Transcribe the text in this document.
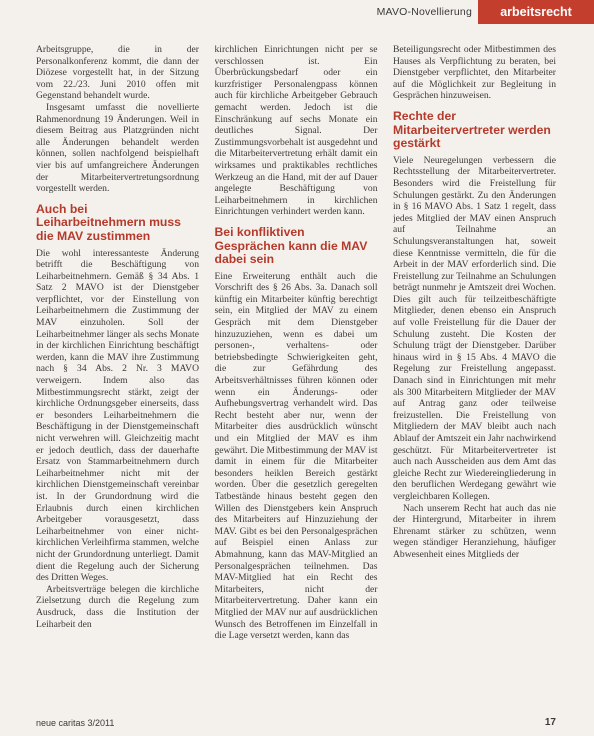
MAVO-Novellierung	arbeitsrecht

Arbeitsgruppe, die in der Personalkonferenz kommt, die dann der Diözese vorgestellt hat, in der Sitzung vom 22./23. Juni 2010 offen mit Gegenstand behandelt wurde.

Insgesamt umfasst die novellierte Rahmenordnung 19 Änderungen. Weil in diesem Beitrag aus Platzgründen nicht alle Änderungen behandelt werden können, sollen nachfolgend beispielhaft vier bis auf umfangreichere Änderungen der Mitarbeitervertretungsordnung vorgestellt werden.

Auch bei Leiharbeitnehmern muss die MAV zustimmen

Die wohl interessanteste Änderung betrifft die Beschäftigung von Leiharbeitnehmern. Gemäß § 34 Abs. 1 Satz 2 MAVO ist der Dienstgeber verpflichtet, vor der Einstellung von Leiharbeitnehmern die Zustimmung der MAV einzuholen. Soll der Leiharbeitnehmer länger als sechs Monate in der kirchlichen Einrichtung beschäftigt werden, kann die MAV ihre Zustimmung nach § 34 Abs. 2 Nr. 3 MAVO verweigern. Indem also das Mitbestimmungsrecht stärkt, zeigt der kirchliche Ordnungsgeber einerseits, dass er besonders Leiharbeitnehmern die Beschäftigung in der Dienstgemeinschaft nicht verwehren will. Gleichzeitig macht er jedoch deutlich, dass der dauerhafte Ersatz von Stammarbeitnehmern durch Leiharbeitnehmer nicht mit der kirchlichen Dienstgemeinschaft vereinbar ist. In der Grundordnung wird die Erlaubnis durch einen kirchlichen Arbeitgeber vorausgesetzt, dass Leiharbeitnehmer von einer nicht-kirchlichen Verleihfirma stammen, welche nicht der Grundordnung unterliegt. Damit dient die Regelung auch der Sicherung des Dritten Weges.

Arbeitsverträge belegen die kirchliche Zielsetzung durch die Regelung zum Ausdruck, dass die Institution der Leiharbeit den

kirchlichen Einrichtungen nicht per se verschlossen ist. Ein Überbrückungsbedarf oder ein kurzfristiger Personalengpass können auch für kirchliche Arbeitgeber Gebrauch gemacht werden. Jedoch ist die Einschränkung auf sechs Monate ein deutliches Signal. Der Zustimmungsvorbehalt ist ausgedehnt und die Mitarbeitervertretung erhält damit ein wirksames und praktikables rechtliches Werkzeug an die Hand, mit der auf Dauer angelegte Beschäftigung von Leiharbeitnehmern in kirchlichen Einrichtungen verhindert werden kann.

Bei konfliktiven Gesprächen kann die MAV dabei sein

Eine Erweiterung enthält auch die Vorschrift des § 26 Abs. 3a. Danach soll künftig ein Mitarbeiter künftig berechtigt sein, ein Mitglied der MAV zu einem Gespräch mit dem Dienstgeber hinzuzuziehen, wenn es dabei um personen-, verhaltens- oder betriebsbedingte Schwierigkeiten geht, die zur Gefährdung des Arbeitsverhältnisses führen können oder wenn ein Änderungs- oder Aufhebungsvertrag verhandelt wird. Das Recht besteht aber nur, wenn der Mitarbeiter dies ausdrücklich wünscht und ein Mitglied der MAV es ihm gewährt. Die Mitbestimmung der MAV ist damit in einem für die Mitarbeiter besonders heiklen Bereich gestärkt worden. Über die gesetzlich geregelten Tatbestände hinaus besteht gegen den Willen des Dienstgebers kein Anspruch des Mitarbeiters auf Hinzuziehung der MAV. Gibt es bei den Personalgesprächen auf Beispiel einen Anlass zur Abmahnung, kann das MAV-Mitglied an Personalgesprächen teilnehmen. Das MAV-Mitglied hat ein Recht des Mitarbeiters, nicht der Mitarbeitervertretung. Daher kann ein Mitglied der MAV nur auf ausdrücklichen Wunsch des Betroffenen im Einzelfall in die Lage versetzt werden, kann das

Beteiligungsrecht oder Mitbestimmen des Hauses als Verpflichtung zu beraten, bei Dienstgeber verpflichtet, den Mitarbeiter auf die Möglichkeit zur Begleitung in Gesprächen hinzuweisen.

Rechte der Mitarbeitervertreter werden gestärkt

Viele Neuregelungen verbessern die Rechtsstellung der Mitarbeitervertreter. Besonders wird die Freistellung für Schulungen gestärkt. Zu den Änderungen in § 16 MAVO Abs. 1 Satz 1 regelt, dass jedes Mitglied der MAV einen Anspruch auf Teilnahme an Schulungsveranstaltungen hat, soweit diese Kenntnisse vermitteln, die für die Arbeit in der MAV erforderlich sind. Die Freistellung zur Teilnahme an Schulungen beträgt nunmehr je Amtszeit drei Wochen. Dies gilt auch für teilzeitbeschäftigte Mitglieder, denen ebenso ein Anspruch auf volle Freistellung für die Dauer der Schulung zusteht. Die Kosten der Schulung trägt der Dienstgeber. Darüber hinaus wird in § 15 Abs. 4 MAVO die Regelung zur Freistellung angepasst. Danach sind in Einrichtungen mit mehr als 300 Mitarbeitern Mitglieder der MAV auf Antrag ganz oder teilweise freizustellen. Die Freistellung von Mitgliedern der MAV bleibt auch nach Ablauf der Amtszeit ein Jahr nachwirkend geschützt. Für Mitarbeitervertreter ist auch nach Ausscheiden aus dem Amt das gleiche Recht zur Wiedereingliederung in den beruflichen Werdegang gewährt wie vergleichbaren Kollegen.

Nach unserem Recht hat auch das nie der Hintergrund, Mitarbeiter in ihrem Ehrenamt stärker zu schützen, wenn wegen ständiger Heranziehung, häufiger Abwesenheit eines Mitglieds der

neue caritas 3/2011	17
